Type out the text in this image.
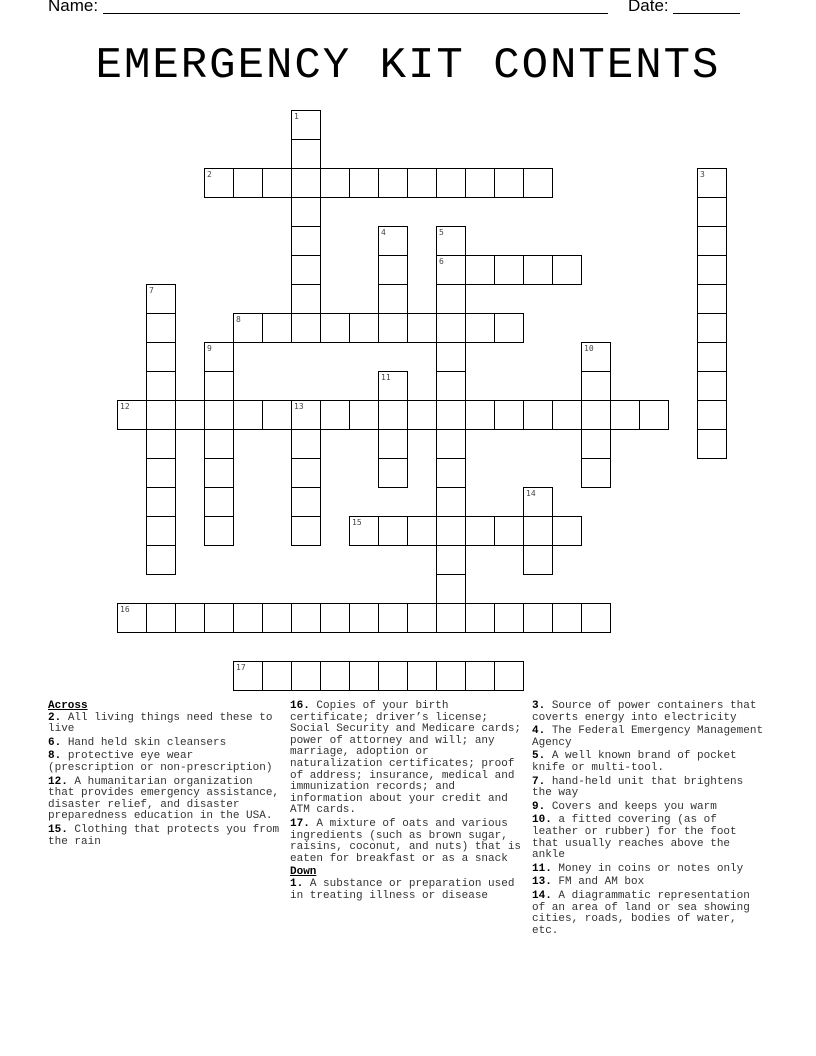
Name:	Date:
EMERGENCY KIT CONTENTS
1
2	3
4	5
6
7
8
9	10
11
12	13
14
15
16
17
Across
2. All living things need these to live
6. Hand held skin cleansers
8. protective eye wear (prescription or non-prescription)
12. A humanitarian organization that provides emergency assistance, disaster relief, and disaster preparedness education in the USA.
15. Clothing that protects you from the rain
16. Copies of your birth certificate; driver’s license; Social Security and Medicare cards; power of attorney and will; any marriage, adoption or naturalization certificates; proof of address; insurance, medical and immunization records; and information about your credit and ATM cards.
17. A mixture of oats and various ingredients (such as brown sugar, raisins, coconut, and nuts) that is eaten for breakfast or as a snack
Down
1. A substance or preparation used in treating illness or disease
3. Source of power containers that coverts energy into electricity
4. The Federal Emergency Management Agency
5. A well known brand of pocket knife or multi-tool.
7. hand-held unit that brightens the way
9. Covers and keeps you warm
10. a fitted covering (as of leather or rubber) for the foot that usually reaches above the ankle
11. Money in coins or notes only
13. FM and AM box
14. A diagrammatic representation of an area of land or sea showing cities, roads, bodies of water, etc.
